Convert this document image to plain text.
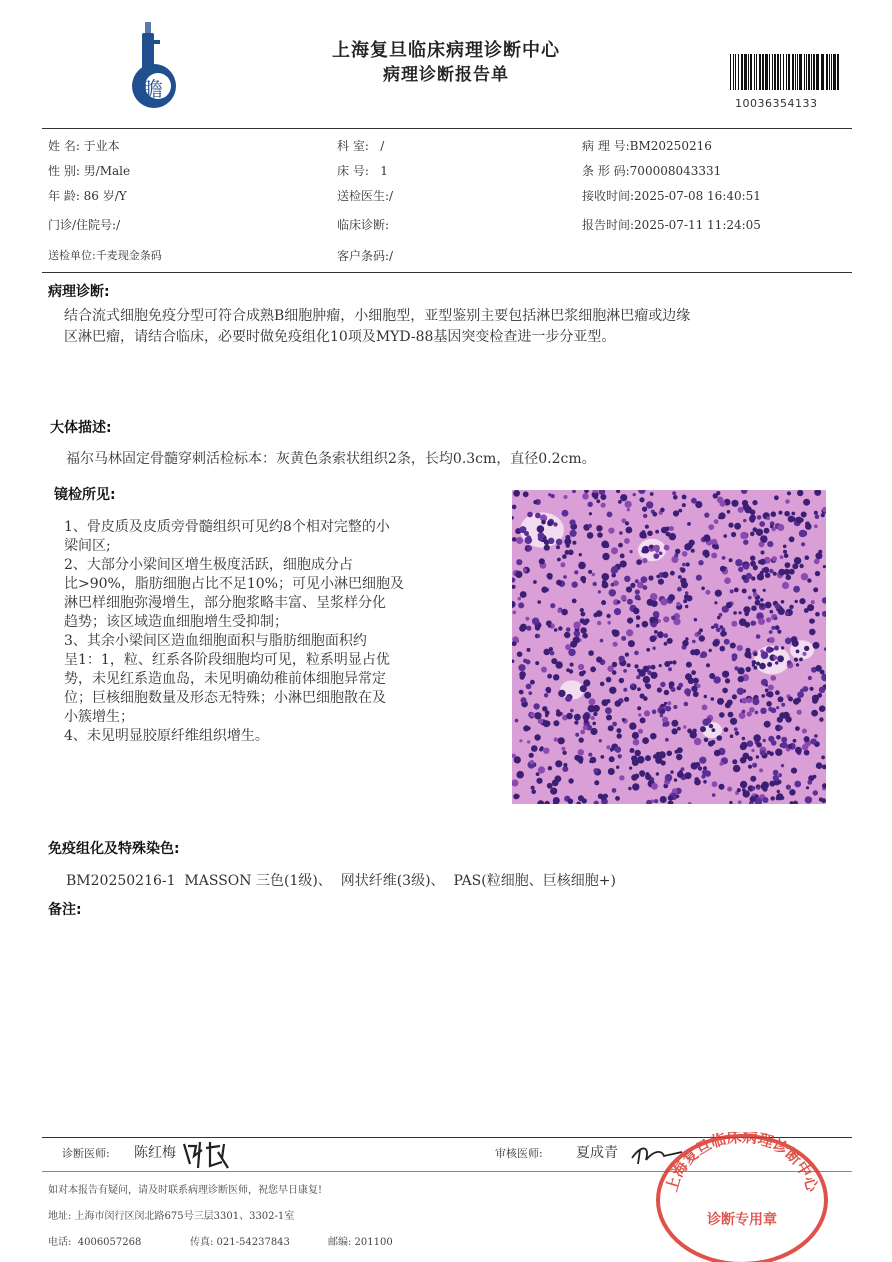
瞻
上海复旦临床病理诊断中心
病理诊断报告单
10036354133
姓 名: 于业本
性 别: 男/Male
年 龄: 86 岁/Y
门诊/住院号:/
送检单位:千麦现金条码
科 室:   /
床 号:   1
送检医生:/
临床诊断:
客户条码:/
病 理 号:BM20250216
条 形 码:700008043331
接收时间:2025-07-08 16:40:51
报告时间:2025-07-11 11:24:05
病理诊断:
结合流式细胞免疫分型可符合成熟B细胞肿瘤，小细胞型，亚型鉴别主要包括淋巴浆细胞淋巴瘤或边缘
区淋巴瘤，请结合临床，必要时做免疫组化10项及MYD-88基因突变检查进一步分亚型。
大体描述:
福尔马林固定骨髓穿刺活检标本：灰黄色条索状组织2条，长均0.3cm，直径0.2cm。
镜检所见:
1、骨皮质及皮质旁骨髓组织可见约8个相对完整的小
梁间区;
2、大部分小梁间区增生极度活跃，细胞成分占
比>90%，脂肪细胞占比不足10%；可见小淋巴细胞及
淋巴样细胞弥漫增生，部分胞浆略丰富、呈浆样分化
趋势；该区域造血细胞增生受抑制；
3、其余小梁间区造血细胞面积与脂肪细胞面积约
呈1：1，粒、红系各阶段细胞均可见，粒系明显占优
势，未见红系造血岛，未见明确幼稚前体细胞异常定
位；巨核细胞数量及形态无特殊；小淋巴细胞散在及
小簇增生；
4、未见明显胶原纤维组织增生。
免疫组化及特殊染色:
BM20250216-1  MASSON 三色(1级)、  网状纤维(3级)、  PAS(粒细胞、巨核细胞+)
备注:
诊断医师: 陈红梅	审核医师: 夏成青
如对本报告有疑问，请及时联系病理诊断医师，祝您早日康复!
地址: 上海市闵行区闵北路675号三层3301、3302-1室
电话:  4006057268	传真: 021-54237843	邮编: 201100
上海复旦临床病理诊断中心
诊断专用章
